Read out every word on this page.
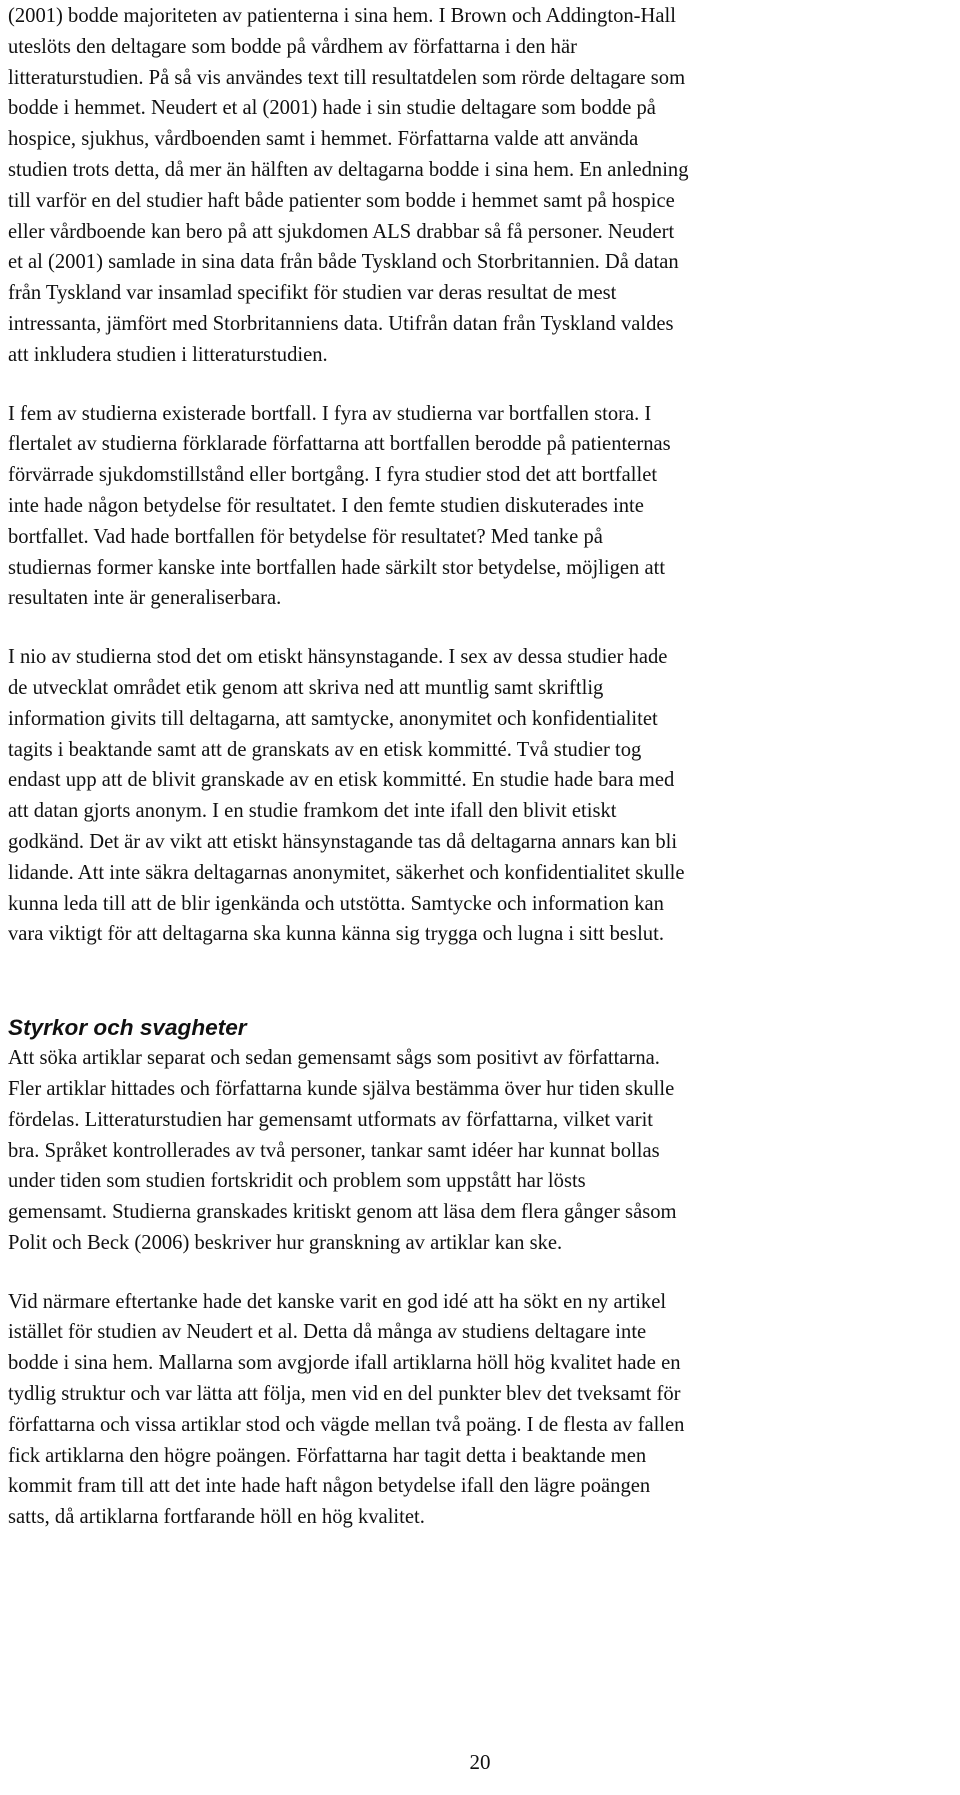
(2001) bodde majoriteten av patienterna i sina hem. I Brown och Addington-Hall
uteslöts den deltagare som bodde på vårdhem av författarna i den här
litteraturstudien. På så vis användes text till resultatdelen som rörde deltagare som
bodde i hemmet. Neudert et al (2001) hade i sin studie deltagare som bodde på
hospice, sjukhus, vårdboenden samt i hemmet. Författarna valde att använda
studien trots detta, då mer än hälften av deltagarna bodde i sina hem. En anledning
till varför en del studier haft både patienter som bodde i hemmet samt på hospice
eller vårdboende kan bero på att sjukdomen ALS drabbar så få personer. Neudert
et al (2001) samlade in sina data från både Tyskland och Storbritannien. Då datan
från Tyskland var insamlad specifikt för studien var deras resultat de mest
intressanta, jämfört med Storbritanniens data. Utifrån datan från Tyskland valdes
att inkludera studien i litteraturstudien.

I fem av studierna existerade bortfall. I fyra av studierna var bortfallen stora. I
flertalet av studierna förklarade författarna att bortfallen berodde på patienternas
förvärrade sjukdomstillstånd eller bortgång. I fyra studier stod det att bortfallet
inte hade någon betydelse för resultatet. I den femte studien diskuterades inte
bortfallet. Vad hade bortfallen för betydelse för resultatet? Med tanke på
studiernas former kanske inte bortfallen hade särkilt stor betydelse, möjligen att
resultaten inte är generaliserbara.

I nio av studierna stod det om etiskt hänsynstagande. I sex av dessa studier hade
de utvecklat området etik genom att skriva ned att muntlig samt skriftlig
information givits till deltagarna, att samtycke, anonymitet och konfidentialitet
tagits i beaktande samt att de granskats av en etisk kommitté. Två studier tog
endast upp att de blivit granskade av en etisk kommitté. En studie hade bara med
att datan gjorts anonym. I en studie framkom det inte ifall den blivit etiskt
godkänd. Det är av vikt att etiskt hänsynstagande tas då deltagarna annars kan bli
lidande. Att inte säkra deltagarnas anonymitet, säkerhet och konfidentialitet skulle
kunna leda till att de blir igenkända och utstötta. Samtycke och information kan
vara viktigt för att deltagarna ska kunna känna sig trygga och lugna i sitt beslut.

Styrkor och svagheter

Att söka artiklar separat och sedan gemensamt sågs som positivt av författarna.
Fler artiklar hittades och författarna kunde själva bestämma över hur tiden skulle
fördelas. Litteraturstudien har gemensamt utformats av författarna, vilket varit
bra. Språket kontrollerades av två personer, tankar samt idéer har kunnat bollas
under tiden som studien fortskridit och problem som uppstått har lösts
gemensamt. Studierna granskades kritiskt genom att läsa dem flera gånger såsom
Polit och Beck (2006) beskriver hur granskning av artiklar kan ske.

Vid närmare eftertanke hade det kanske varit en god idé att ha sökt en ny artikel
istället för studien av Neudert et al. Detta då många av studiens deltagare inte
bodde i sina hem. Mallarna som avgjorde ifall artiklarna höll hög kvalitet hade en
tydlig struktur och var lätta att följa, men vid en del punkter blev det tveksamt för
författarna och vissa artiklar stod och vägde mellan två poäng. I de flesta av fallen
fick artiklarna den högre poängen. Författarna har tagit detta i beaktande men
kommit fram till att det inte hade haft någon betydelse ifall den lägre poängen
satts, då artiklarna fortfarande höll en hög kvalitet.

20
